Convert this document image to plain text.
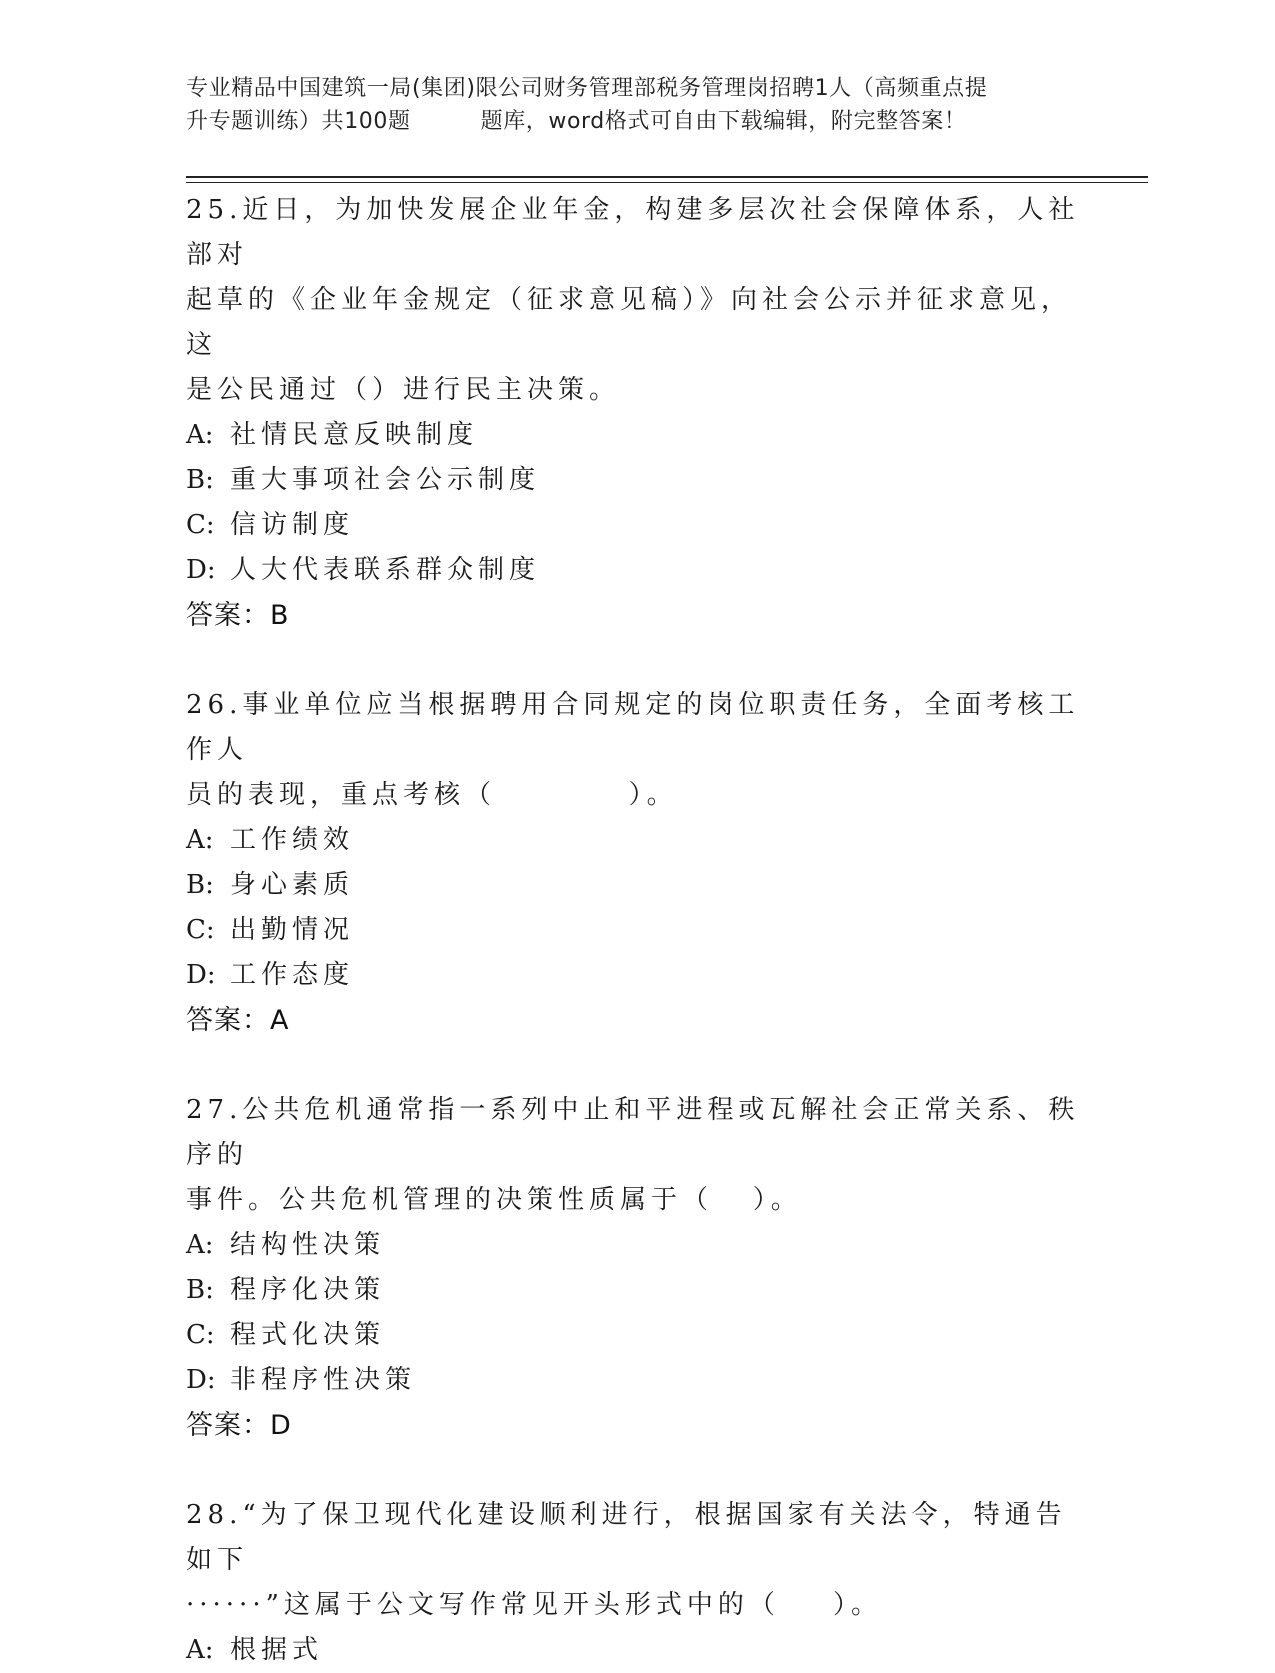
专业精品中国建筑一局(集团)限公司财务管理部税务管理岗招聘1人（高频重点提
升专题训练）共100题	题库，word格式可自由下载编辑，附完整答案！

25.近日，为加快发展企业年金，构建多层次社会保障体系，人社部对

起草的《企业年金规定（征求意见稿）》向社会公示并征求意见，这

是公民通过（）进行民主决策。

A: 社情民意反映制度

B: 重大事项社会公示制度

C: 信访制度

D: 人大代表联系群众制度

答案：B

26.事业单位应当根据聘用合同规定的岗位职责任务，全面考核工作人

员的表现，重点考核（          ）。

A: 工作绩效

B: 身心素质

C: 出勤情况

D: 工作态度

答案：A

27.公共危机通常指一系列中止和平进程或瓦解社会正常关系、秩序的

事件。公共危机管理的决策性质属于（   ）。

A: 结构性决策

B: 程序化决策

C: 程式化决策

D: 非程序性决策

答案：D

28.“为了保卫现代化建设顺利进行，根据国家有关法令，特通告如下

······”这属于公文写作常见开头形式中的（    ）。

A: 根据式
